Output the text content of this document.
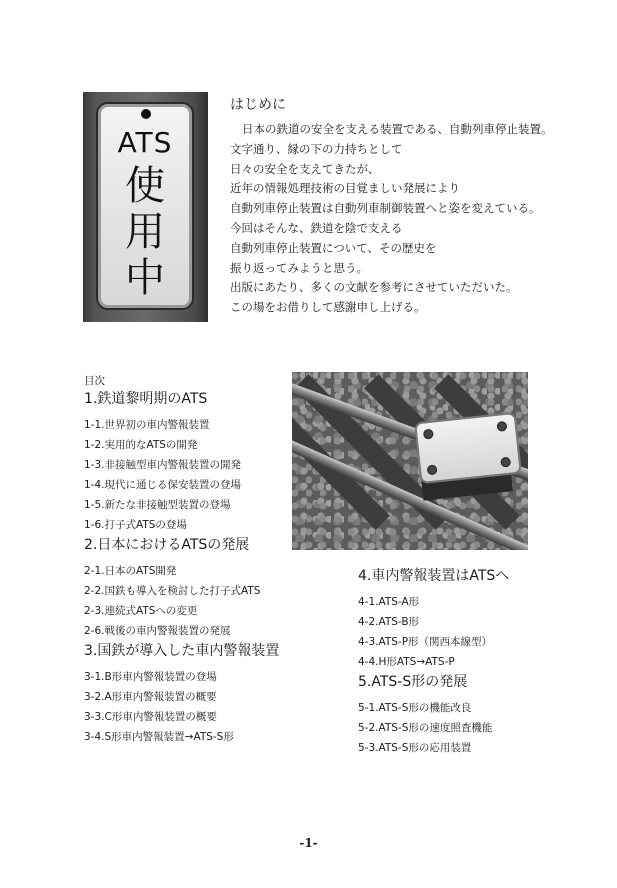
ATS
使
用
中
はじめに
日本の鉄道の安全を支える装置である、自動列車停止装置。
文字通り、縁の下の力持ちとして
日々の安全を支えてきたが、
近年の情報処理技術の目覚ましい発展により
自動列車停止装置は自動列車制御装置へと姿を変えている。
今回はそんな、鉄道を陰で支える
自動列車停止装置について、その歴史を
振り返ってみようと思う。
出版にあたり、多くの文献を参考にさせていただいた。
この場をお借りして感謝申し上げる。
目次
1.鉄道黎明期のATS
1-1.世界初の車内警報装置
1-2.実用的なATSの開発
1-3.非接触型車内警報装置の開発
1-4.現代に通じる保安装置の登場
1-5.新たな非接触型装置の登場
1-6.打子式ATSの登場
2.日本におけるATSの発展
2-1.日本のATS開発
2-2.国鉄も導入を検討した打子式ATS
2-3.連続式ATSへの変更
2-6.戦後の車内警報装置の発展
3.国鉄が導入した車内警報装置
3-1.B形車内警報装置の登場
3-2.A形車内警報装置の概要
3-3.C形車内警報装置の概要
3-4.S形車内警報装置→ATS‐S形
4.車内警報装置はATSへ
4-1.ATS‐A形
4-2.ATS‐B形
4-3.ATS‐P形（関西本線型）
4-4.H形ATS→ATS-P
5.ATS-S形の発展
5-1.ATS‐S形の機能改良
5-2.ATS‐S形の速度照査機能
5-3.ATS‐S形の応用装置
-1-
